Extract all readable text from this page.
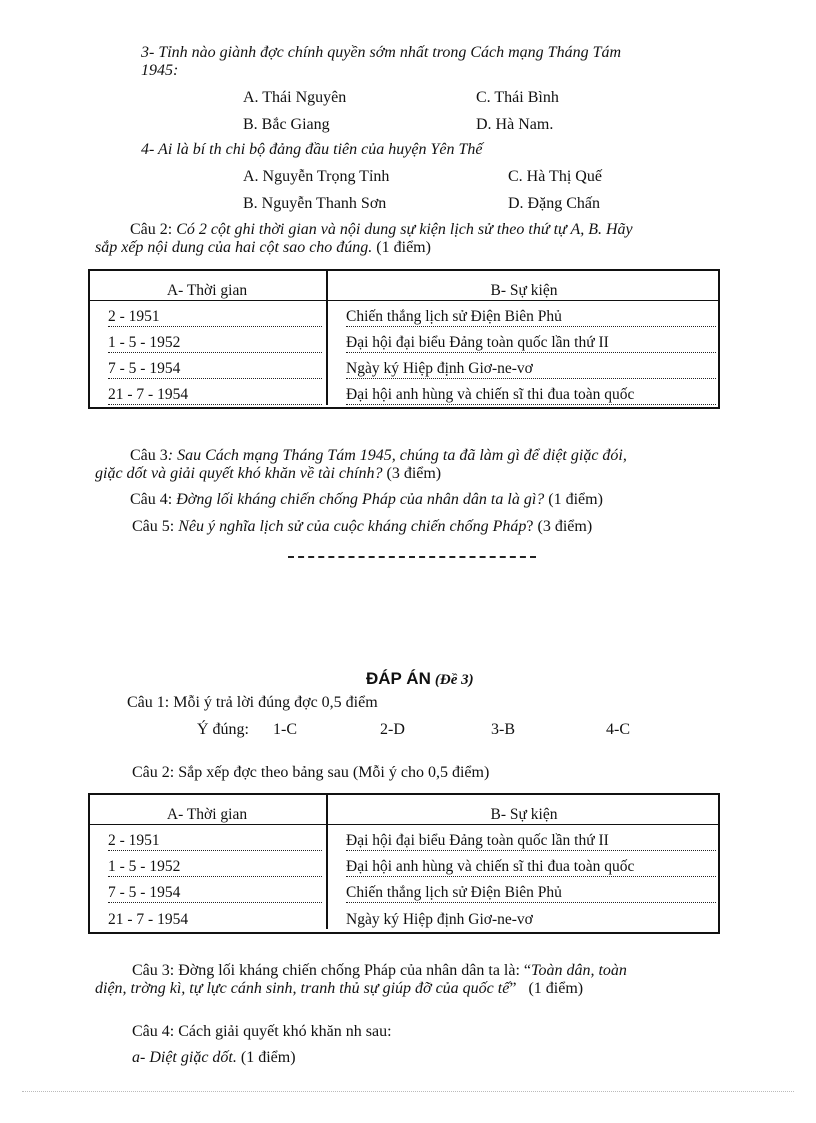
3- Tỉnh nào giành đợc chính quyền sớm nhất trong Cách mạng Tháng Tám
1945:
A. Thái Nguyên	C. Thái Bình
B. Bắc Giang	D. Hà Nam.
4- Ai là bí th chi bộ đảng đầu tiên của huyện Yên Thế
A. Nguyễn Trọng Tỉnh	C. Hà Thị Quế
B. Nguyễn Thanh Sơn	D. Đặng Chấn
Câu 2: Có 2 cột ghi thời gian và nội dung sự kiện lịch sử theo thứ tự A, B. Hãy
sắp xếp nội dung của hai cột sao cho đúng. (1 điểm)
A- Thời gian	B- Sự kiện
2 - 1951	Chiến thắng lịch sử Điện Biên Phủ
1 - 5 - 1952	Đại hội đại biểu Đảng toàn quốc lần thứ II
7 - 5 - 1954	Ngày ký Hiệp định Giơ-ne-vơ
21 - 7 - 1954	Đại hội anh hùng và chiến sĩ thi đua toàn quốc
Câu 3: Sau Cách mạng Tháng Tám 1945, chúng ta đã làm gì để diệt giặc đói,
giặc dốt và giải quyết khó khăn về tài chính? (3 điểm)
Câu 4: Đờng lối kháng chiến chống Pháp của nhân dân ta là gì? (1 điểm)
Câu 5: Nêu ý nghĩa lịch sử của cuộc kháng chiến chống Pháp? (3 điểm)
ĐÁP ÁN (Đề 3)
Câu 1: Mỗi ý trả lời đúng đợc 0,5 điểm
Ý đúng: 1-C	2-D	3-B	4-C
Câu 2: Sắp xếp đợc theo bảng sau (Mỗi ý cho 0,5 điểm)
A- Thời gian	B- Sự kiện
2 - 1951	Đại hội đại biểu Đảng toàn quốc lần thứ II
1 - 5 - 1952	Đại hội anh hùng và chiến sĩ thi đua toàn quốc
7 - 5 - 1954	Chiến thắng lịch sử Điện Biên Phủ
21 - 7 - 1954	Ngày ký Hiệp định Giơ-ne-vơ
Câu 3: Đờng lối kháng chiến chống Pháp của nhân dân ta là: “Toàn dân, toàn
diện, trờng kì, tự lực cánh sinh, tranh thủ sự giúp đỡ của quốc tế” (1 điểm)
Câu 4: Cách giải quyết khó khăn nh sau:
a- Diệt giặc dốt. (1 điểm)
